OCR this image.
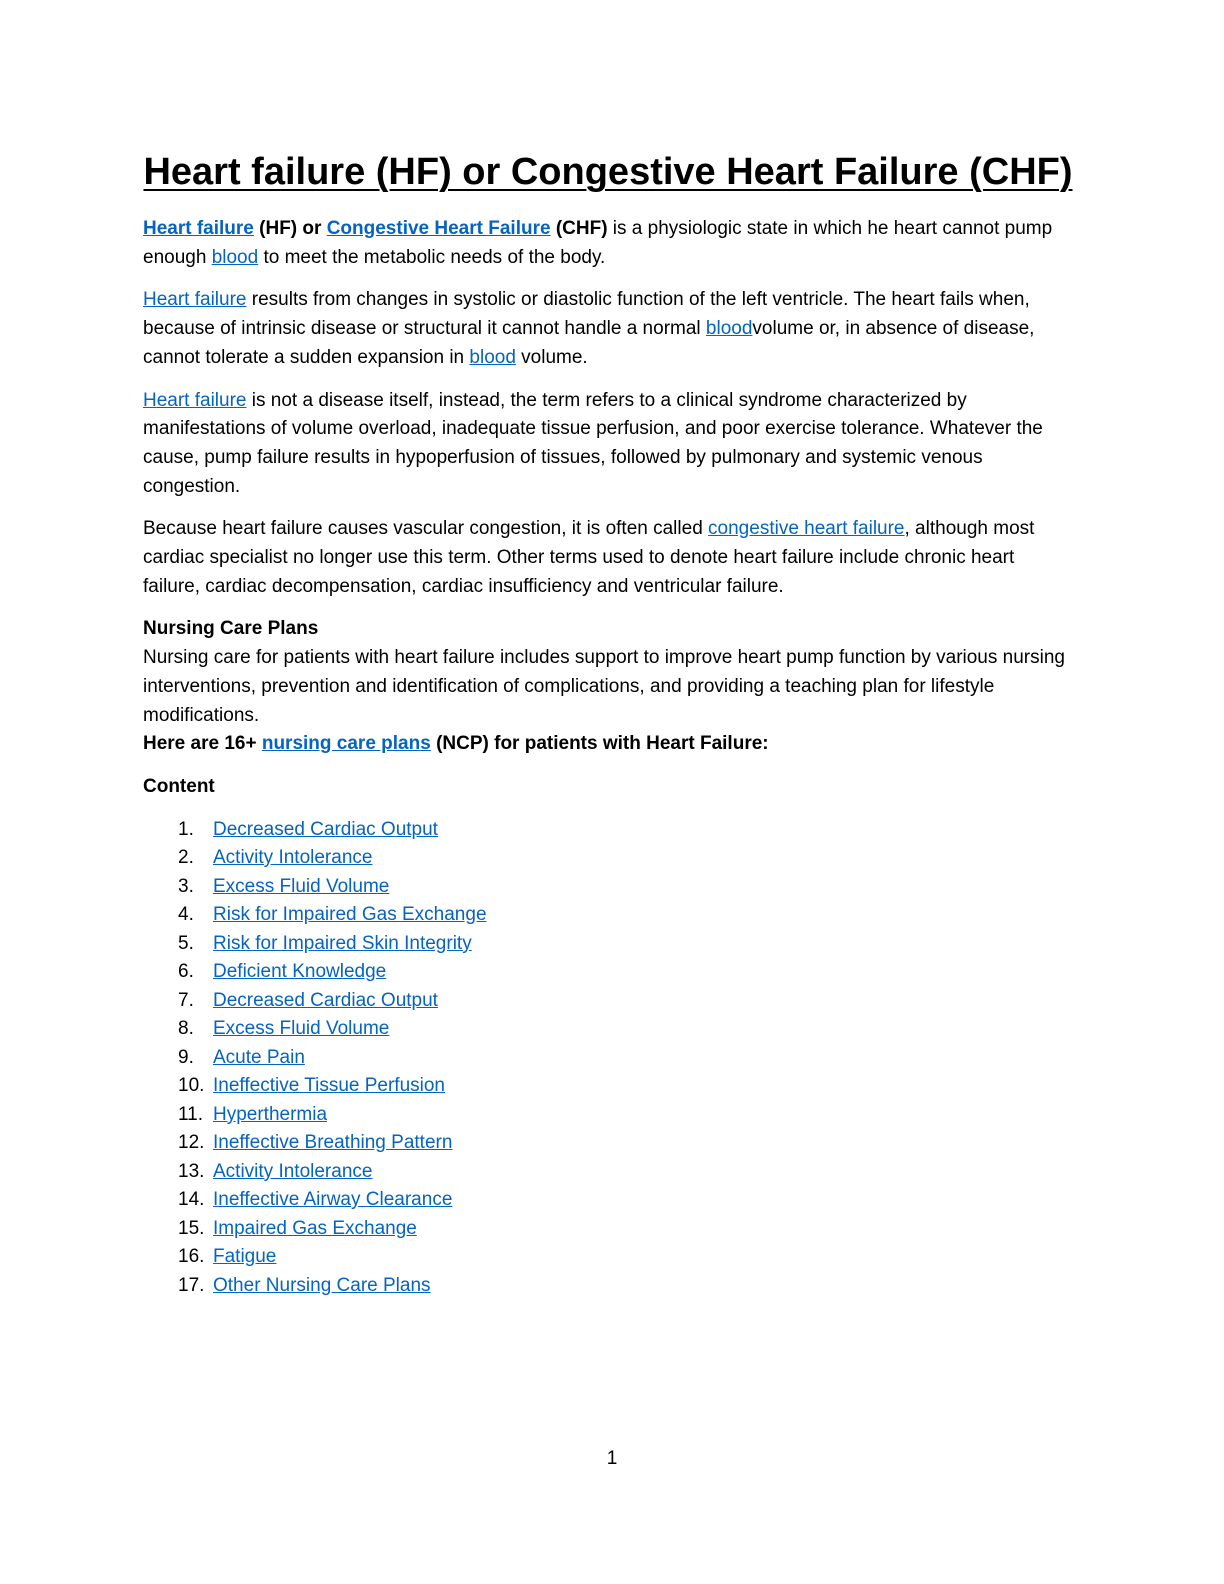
Heart failure (HF) or Congestive Heart Failure (CHF)

Heart failure (HF) or Congestive Heart Failure (CHF) is a physiologic state in which he heart cannot pump enough blood to meet the metabolic needs of the body.

Heart failure results from changes in systolic or diastolic function of the left ventricle. The heart fails when, because of intrinsic disease or structural it cannot handle a normal bloodvolume or, in absence of disease, cannot tolerate a sudden expansion in blood volume.

Heart failure is not a disease itself, instead, the term refers to a clinical syndrome characterized by manifestations of volume overload, inadequate tissue perfusion, and poor exercise tolerance. Whatever the cause, pump failure results in hypoperfusion of tissues, followed by pulmonary and systemic venous congestion.

Because heart failure causes vascular congestion, it is often called congestive heart failure, although most cardiac specialist no longer use this term. Other terms used to denote heart failure include chronic heart failure, cardiac decompensation, cardiac insufficiency and ventricular failure.

Nursing Care Plans

Nursing care for patients with heart failure includes support to improve heart pump function by various nursing interventions, prevention and identification of complications, and providing a teaching plan for lifestyle modifications.

Here are 16+ nursing care plans (NCP) for patients with Heart Failure:

Content
1.	Decreased Cardiac Output
2.	Activity Intolerance
3.	Excess Fluid Volume
4.	Risk for Impaired Gas Exchange
5.	Risk for Impaired Skin Integrity
6.	Deficient Knowledge
7.	Decreased Cardiac Output
8.	Excess Fluid Volume
9.	Acute Pain
10. Ineffective Tissue Perfusion
11. Hyperthermia
12. Ineffective Breathing Pattern
13. Activity Intolerance
14. Ineffective Airway Clearance
15. Impaired Gas Exchange
16. Fatigue
17. Other Nursing Care Plans
1
